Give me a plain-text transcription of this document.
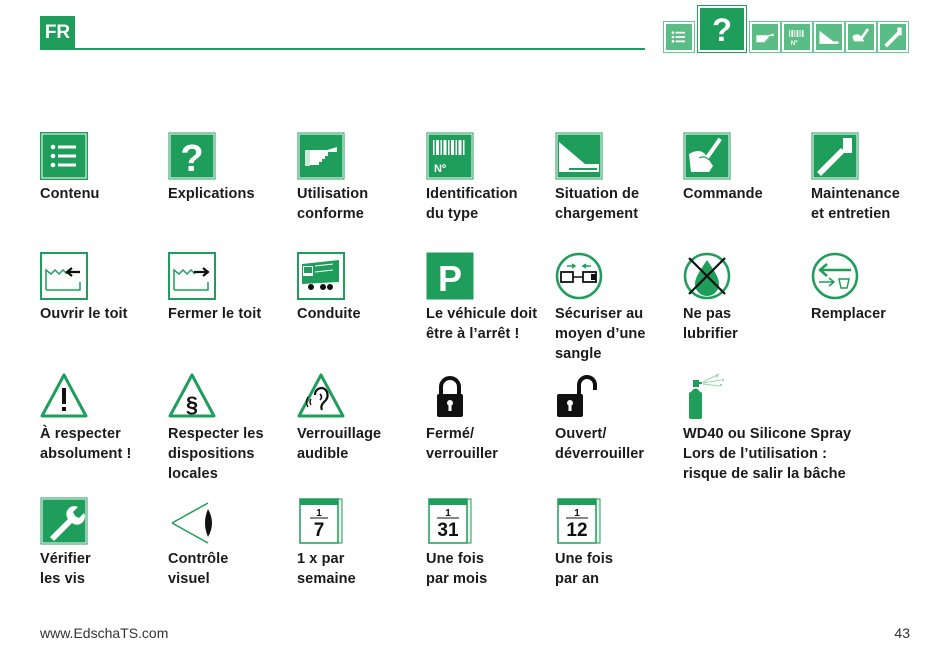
FR	?	Nº
Contenu
?
Explications	Utilisation
conforme
Nº
Identification
du type
Situation de
chargement
Commande	Maintenance
et entretien
Ouvrir le toit	Fermer le toit	Conduite
P
Le véhicule doit
être à l’arrêt !
Sécuriser au
moyen d’une
sangle
Ne pas
lubrifier
Remplacer
À respecter
absolument !
§
Respecter les
dispositions
locales
Verrouillage
audible
Fermé/
verrouiller
Ouvert/
déverrouiller
WD40 ou Silicone Spray
Lors de l’utilisation :
risque de salir la bâche
Vérifier
les vis
Contrôle
visuel
1
7
1 x par
semaine
1
31
Une fois
par mois
1
12
Une fois
par an
www.EdschaTS.com	43
